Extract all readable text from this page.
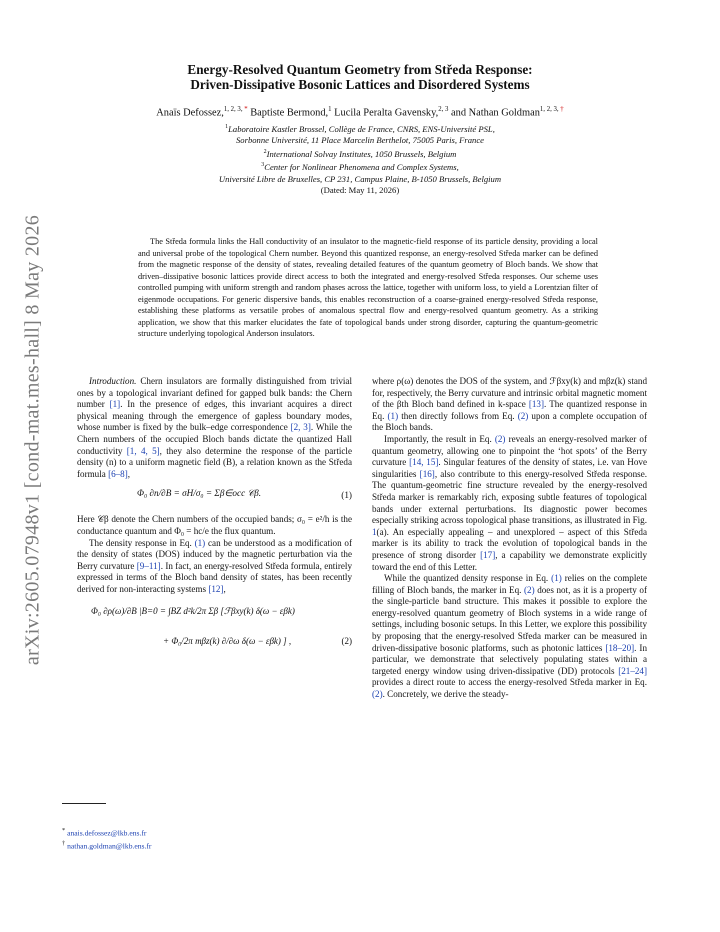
arXiv:2605.07948v1 [cond-mat.mes-hall] 8 May 2026
Energy-Resolved Quantum Geometry from Středa Response:
Driven-Dissipative Bosonic Lattices and Disordered Systems
Anaïs Defossez,$^{1, 2, 3,}$ * Baptiste Bermond,$^1$ Lucila Peralta Gavensky,$^{2, 3}$ and Nathan Goldman$^{1, 2, 3,}$ †
$^1$Laboratoire Kastler Brossel, Collège de France, CNRS, ENS-Université PSL,
Sorbonne Université, 11 Place Marcelin Berthelot, 75005 Paris, France
$^2$International Solvay Institutes, 1050 Brussels, Belgium
$^3$Center for Nonlinear Phenomena and Complex Systems,
Université Libre de Bruxelles, CP 231, Campus Plaine, B-1050 Brussels, Belgium
(Dated: May 11, 2026)
The Středa formula links the Hall conductivity of an insulator to the magnetic-field response of its particle density, providing a local and universal probe of the topological Chern number. Beyond this quantized response, an energy-resolved Středa marker can be defined from the magnetic response of the density of states, revealing detailed features of the quantum geometry of Bloch bands. We show that driven–dissipative bosonic lattices provide direct access to both the integrated and energy-resolved Středa responses. Our scheme uses controlled pumping with uniform strength and random phases across the lattice, together with uniform loss, to yield a Lorentzian filter of eigenmode occupations. For generic dispersive bands, this enables reconstruction of a coarse-grained energy-resolved Středa response, establishing these platforms as versatile probes of anomalous spectral flow and energy-resolved quantum geometry. As a striking application, we show that this marker elucidates the fate of topological bands under strong disorder, capturing the quantum-geometric structure underlying topological Anderson insulators.

Introduction. Chern insulators are formally distinguished from trivial ones by a topological invariant defined for gapped bulk bands: the Chern number [1]. In the presence of edges, this invariant acquires a direct physical meaning through the emergence of gapless boundary modes, whose number is fixed by the bulk–edge correspondence [2, 3]. While the Chern numbers of the occupied Bloch bands dictate the quantized Hall conductivity [1, 4, 5], they also determine the response of the particle density (n) to a uniform magnetic field (B), a relation known as the Středa formula [6–8],

Φ₀ ∂n/∂B = σH/σ₀ = Σβ∈occ 𝒞β.	(1)

Here 𝒞β denote the Chern numbers of the occupied bands; σ₀ = e²/h is the conductance quantum and Φ₀ = hc/e the flux quantum.

The density response in Eq. (1) can be understood as a modification of the density of states (DOS) induced by the magnetic perturbation via the Berry curvature [9–11]. In fact, an energy-resolved Středa formula, entirely expressed in terms of the Bloch band density of states, has been recently derived for non-interacting systems [12],

Φ₀ ∂ρ(ω)/∂B |B=0 = ∫BZ d²k/2π Σβ [ℱβxy(k) δ(ω − εβk)
+ Φ₀/2π mβz(k) ∂/∂ω δ(ω − εβk) ] ,	(2)

where ρ(ω) denotes the DOS of the system, and ℱβxy(k) and mβz(k) stand for, respectively, the Berry curvature and intrinsic orbital magnetic moment of the βth Bloch band defined in k-space [13]. The quantized response in Eq. (1) then directly follows from Eq. (2) upon a complete occupation of the Bloch bands.

Importantly, the result in Eq. (2) reveals an energy-resolved marker of quantum geometry, allowing one to pinpoint the ‘hot spots’ of the Berry curvature [14, 15]. Singular features of the density of states, i.e. van Hove singularities [16], also contribute to this energy-resolved Středa response. The quantum-geometric fine structure revealed by the energy-resolved Středa marker is remarkably rich, exposing subtle features of topological bands under external perturbations. Its diagnostic power becomes especially striking across topological phase transitions, as illustrated in Fig. 1(a). An especially appealing – and unexplored – aspect of this Středa marker is its ability to track the evolution of topological bands in the presence of strong disorder [17], a capability we demonstrate explicitly toward the end of this Letter.

While the quantized density response in Eq. (1) relies on the complete filling of Bloch bands, the marker in Eq. (2) does not, as it is a property of the single-particle band structure. This makes it possible to explore the energy-resolved quantum geometry of Bloch systems in a wide range of settings, including bosonic setups. In this Letter, we explore this possibility by proposing that the energy-resolved Středa marker can be measured in driven-dissipative bosonic platforms, such as photonic lattices [18–20]. In particular, we demonstrate that selectively populating states within a targeted energy window using driven-dissipative (DD) protocols [21–24] provides a direct route to access the energy-resolved Středa marker in Eq. (2). Concretely, we derive the steady-

* anais.defossez@lkb.ens.fr
† nathan.goldman@lkb.ens.fr
